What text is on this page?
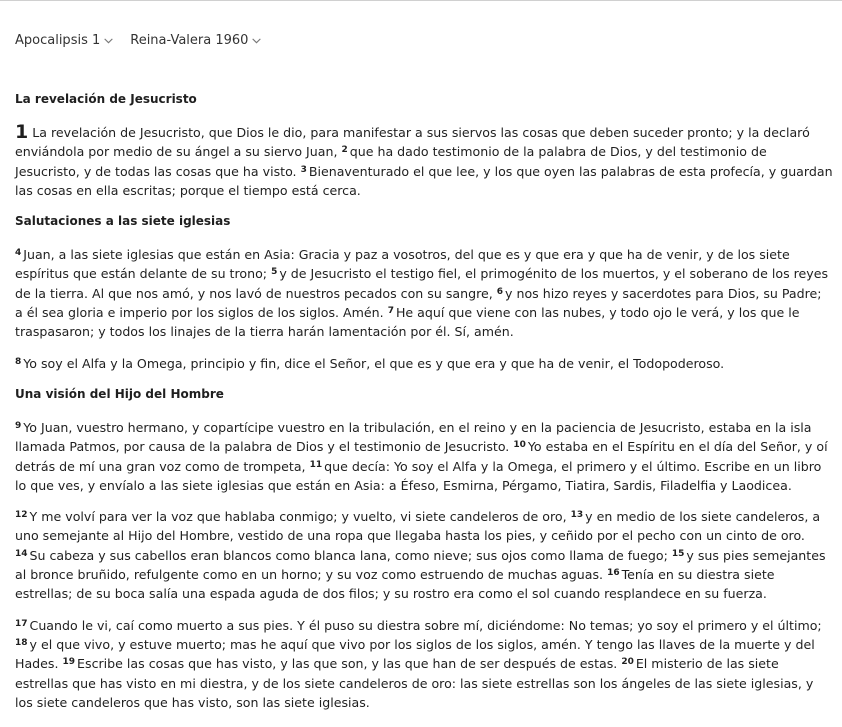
Apocalipsis 1 Reina-Valera 1960
La revelación de Jesucristo

1 La revelación de Jesucristo, que Dios le dio, para manifestar a sus siervos las cosas que deben suceder pronto; y la declaró enviándola por medio de su ángel a su siervo Juan, $^2$ que ha dado testimonio de la palabra de Dios, y del testimonio de Jesucristo, y de todas las cosas que ha visto. $^3$ Bienaventurado el que lee, y los que oyen las palabras de esta profecía, y guardan las cosas en ella escritas; porque el tiempo está cerca.

Salutaciones a las siete iglesias

$^4$ Juan, a las siete iglesias que están en Asia: Gracia y paz a vosotros, del que es y que era y que ha de venir, y de los siete espíritus que están delante de su trono; $^5$ y de Jesucristo el testigo fiel, el primogénito de los muertos, y el soberano de los reyes de la tierra. Al que nos amó, y nos lavó de nuestros pecados con su sangre, $^6$ y nos hizo reyes y sacerdotes para Dios, su Padre; a él sea gloria e imperio por los siglos de los siglos. Amén. $^7$ He aquí que viene con las nubes, y todo ojo le verá, y los que le traspasaron; y todos los linajes de la tierra harán lamentación por él. Sí, amén.

$^8$ Yo soy el Alfa y la Omega, principio y fin, dice el Señor, el que es y que era y que ha de venir, el Todopoderoso.

Una visión del Hijo del Hombre

$^9$ Yo Juan, vuestro hermano, y copartícipe vuestro en la tribulación, en el reino y en la paciencia de Jesucristo, estaba en la isla llamada Patmos, por causa de la palabra de Dios y el testimonio de Jesucristo. $^{10}$ Yo estaba en el Espíritu en el día del Señor, y oí detrás de mí una gran voz como de trompeta, $^{11}$ que decía: Yo soy el Alfa y la Omega, el primero y el último. Escribe en un libro lo que ves, y envíalo a las siete iglesias que están en Asia: a Éfeso, Esmirna, Pérgamo, Tiatira, Sardis, Filadelfia y Laodicea.

$^{12}$ Y me volví para ver la voz que hablaba conmigo; y vuelto, vi siete candeleros de oro, $^{13}$ y en medio de los siete candeleros, a uno semejante al Hijo del Hombre, vestido de una ropa que llegaba hasta los pies, y ceñido por el pecho con un cinto de oro. $^{14}$ Su cabeza y sus cabellos eran blancos como blanca lana, como nieve; sus ojos como llama de fuego; $^{15}$ y sus pies semejantes al bronce bruñido, refulgente como en un horno; y su voz como estruendo de muchas aguas. $^{16}$ Tenía en su diestra siete estrellas; de su boca salía una espada aguda de dos filos; y su rostro era como el sol cuando resplandece en su fuerza.

$^{17}$ Cuando le vi, caí como muerto a sus pies. Y él puso su diestra sobre mí, diciéndome: No temas; yo soy el primero y el último; $^{18}$ y el que vivo, y estuve muerto; mas he aquí que vivo por los siglos de los siglos, amén. Y tengo las llaves de la muerte y del Hades. $^{19}$ Escribe las cosas que has visto, y las que son, y las que han de ser después de estas. $^{20}$ El misterio de las siete estrellas que has visto en mi diestra, y de los siete candeleros de oro: las siete estrellas son los ángeles de las siete iglesias, y los siete candeleros que has visto, son las siete iglesias.
